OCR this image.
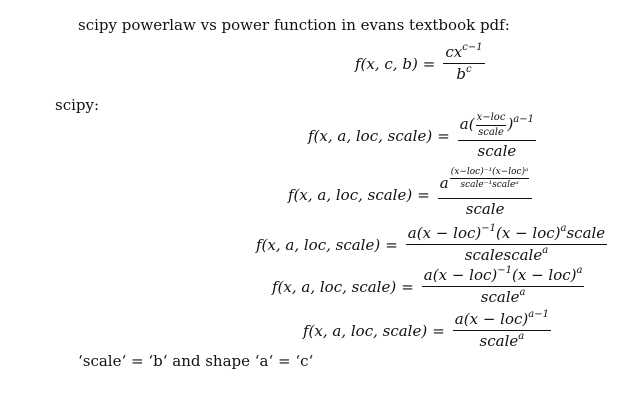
scipy powerlaw vs power function in evans textbook pdf:
f(x, c, $b) = \frac{cx^{c-1}}{b^c}$
scipy:
f(x, a, loc, scale) = $\frac{a( \frac{\text{x−loc}}{\text{scale}} )^{a-1}}{\text{scale}}$
f(x, a, loc, scale) = $\frac{a \frac{\text{(x−loc)⁻¹(x−loc)ᵃ}}{\text{scale⁻¹scaleᵃ}}}{\text{scale}}$
f(x, a, loc, scale) = $\frac{a(x - loc)^{-1}(x - loc)^ascale}{scalescale^a}$
f(x, a, loc, scale) = $\frac{a(x - loc)^{-1}(x - loc)^a}{scale^a}$
f(x, a, loc, scale) = $\frac{a(x - loc)^{a-1}}{scale^a}$
‘scale‘ = ‘b‘ and shape ‘a‘ = ‘c‘
